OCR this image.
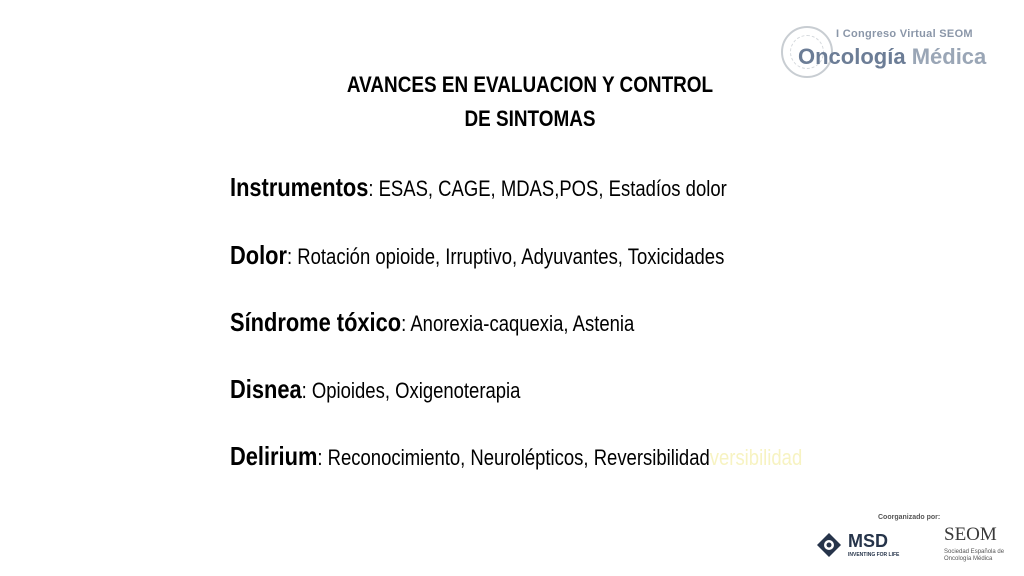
I Congreso Virtual SEOM
Oncología Médica
AVANCES EN EVALUACION Y CONTROL
DE SINTOMAS
Instrumentos: ESAS, CAGE, MDAS,POS, Estadíos dolor
Dolor: Rotación opioide, Irruptivo, Adyuvantes, Toxicidades
Síndrome tóxico: Anorexia-caquexia, Astenia
Disnea: Opioides, Oxigenoterapia
Delirium: Reconocimiento, Neurolépticos, Reversibilidadversibilidad
Coorganizado por:
MSD
INVENTING FOR LIFE
SEOM
Sociedad Española de Oncología Médica
